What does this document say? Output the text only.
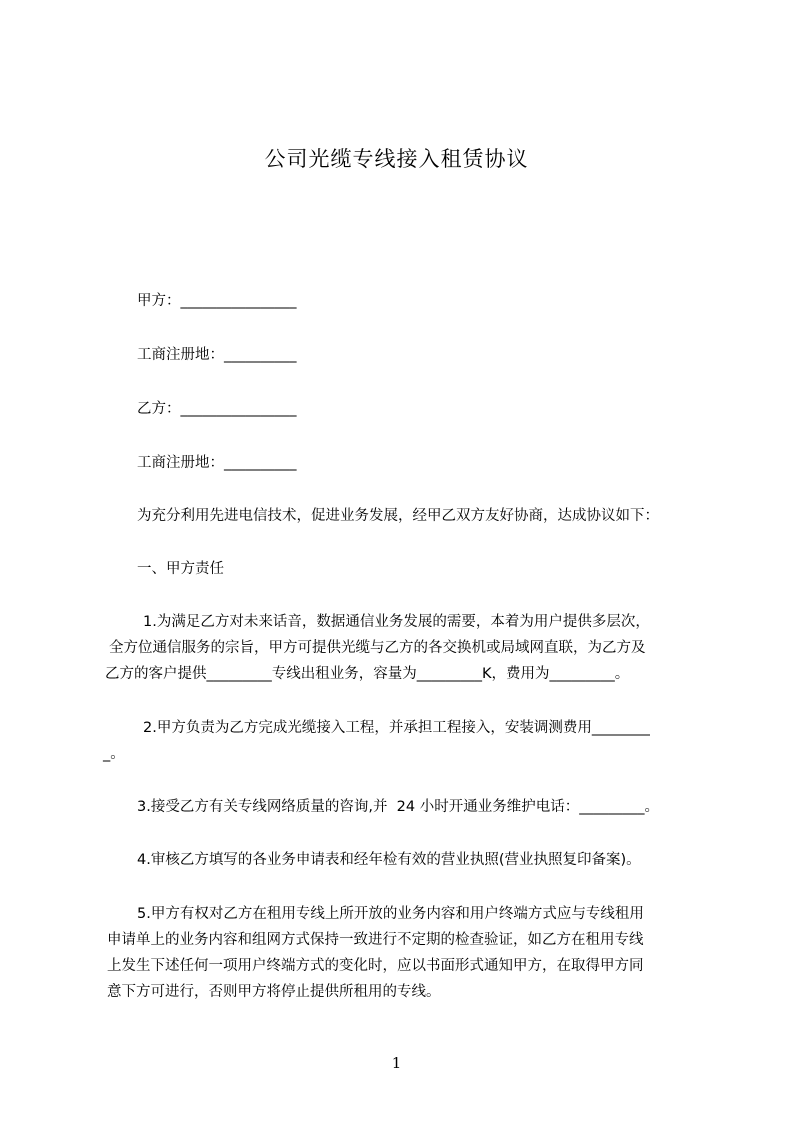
公司光缆专线接入租赁协议
甲方：________________
工商注册地：__________
乙方：________________
工商注册地：__________
为充分利用先进电信技术，促进业务发展，经甲乙双方友好协商，达成协议如下：
一、甲方责任
1.为满足乙方对未来话音，数据通信业务发展的需要，本着为用户提供多层次，
全方位通信服务的宗旨，甲方可提供光缆与乙方的各交换机或局域网直联，为乙方及
乙方的客户提供_________专线出租业务，容量为_________K，费用为_________。
2.甲方负责为乙方完成光缆接入工程，并承担工程接入，安装调测费用________
_。
3.接受乙方有关专线网络质量的咨询,并  24 小时开通业务维护电话：_________。
4.审核乙方填写的各业务申请表和经年检有效的营业执照(营业执照复印备案)。
5.甲方有权对乙方在租用专线上所开放的业务内容和用户终端方式应与专线租用
申请单上的业务内容和组网方式保持一致进行不定期的检查验证，如乙方在租用专线
上发生下述任何一项用户终端方式的变化时，应以书面形式通知甲方，在取得甲方同
意下方可进行，否则甲方将停止提供所租用的专线。
1
